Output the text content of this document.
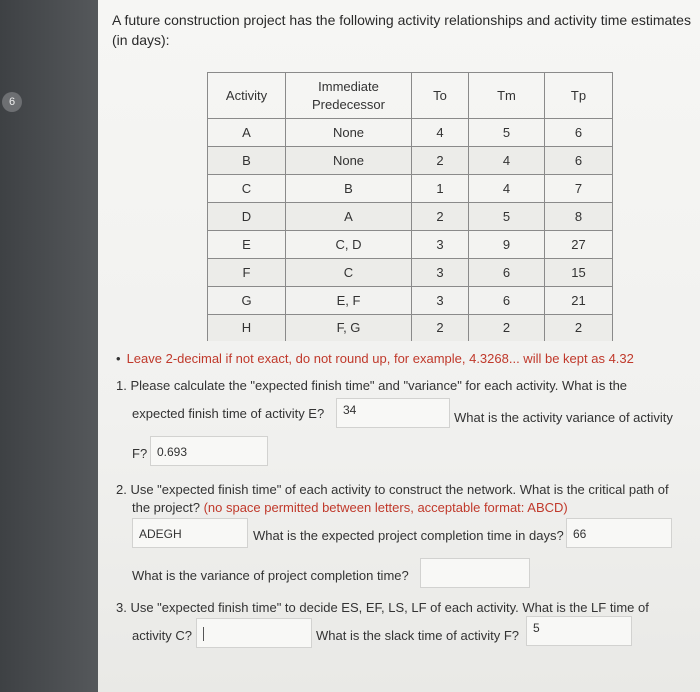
6
A future construction project has the following activity relationships and activity time estimates (in days):
Activity	Immediate Predecessor	To	Tm	Tp
A	None	4	5	6
B	None	2	4	6
C	B	1	4	7
D	A	2	5	8
E	C, D	3	9	27
F	C	3	6	15
G	E, F	3	6	21
H	F, G	2	2	2
• Leave 2-decimal if not exact, do not round up, for example, 4.3268... will be kept as 4.32
1. Please calculate the "expected finish time" and "variance" for each activity. What is the
expected finish time of activity E?	34	What is the activity variance of activity
F? 0.693
2. Use "expected finish time" of each activity to construct the network. What is the critical path of
the project? (no space permitted between letters, acceptable format: ABCD)
ADEGH	What is the expected project completion time in days? 66
What is the variance of project completion time?
3. Use "expected finish time" to decide ES, EF, LS, LF of each activity. What is the LF time of
activity C?	What is the slack time of activity F?	5
